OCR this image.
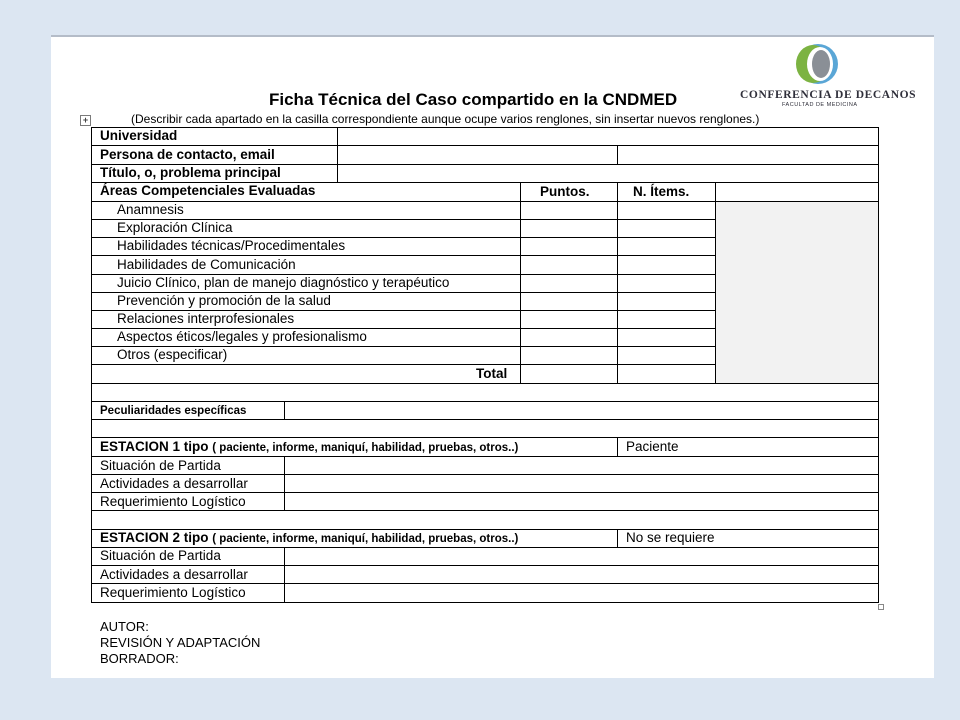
CONFERENCIA DE DECANOS
FACULTAD DE MEDICINA
Ficha Técnica del Caso compartido en la CNDMED
(Describir cada apartado en la casilla correspondiente aunque ocupe varios renglones, sin insertar nuevos renglones.)
+
Universidad
Persona de contacto, email
Título, o, problema principal
Áreas Competenciales Evaluadas	Puntos.	N. Ítems.
Anamnesis
Exploración Clínica
Habilidades técnicas/Procedimentales
Habilidades de Comunicación
Juicio Clínico, plan de manejo diagnóstico y terapéutico
Prevención y promoción de la salud
Relaciones interprofesionales
Aspectos éticos/legales y profesionalismo
Otros (especificar)
Total
Peculiaridades específicas
ESTACION 1 tipo ( paciente, informe, maniquí, habilidad, pruebas, otros..)	Paciente
Situación de Partida
Actividades a desarrollar
Requerimiento Logístico
ESTACION 2 tipo ( paciente, informe, maniquí, habilidad, pruebas, otros..)	No se requiere
Situación de Partida
Actividades a desarrollar
Requerimiento Logístico
AUTOR:
REVISIÓN Y ADAPTACIÓN
BORRADOR:
